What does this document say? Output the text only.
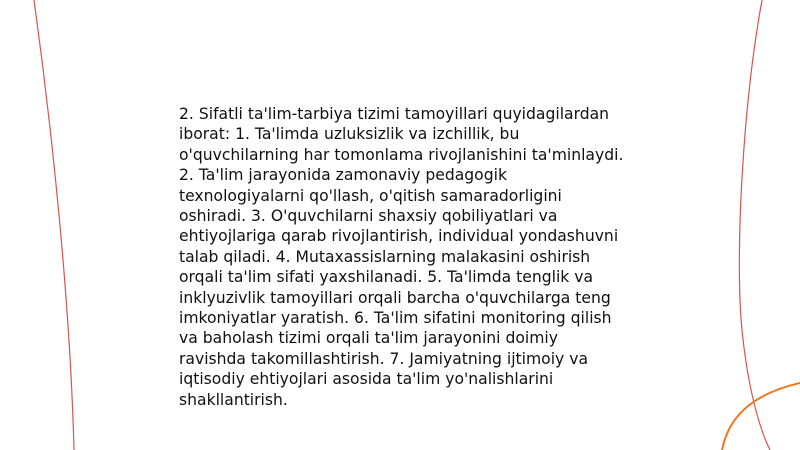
2. Sifatli ta'lim-tarbiya tizimi tamoyillari quyidagilardan iborat: 1. Ta'limda uzluksizlik va izchillik, bu o'quvchilarning har tomonlama rivojlanishini ta'minlaydi. 2. Ta'lim jarayonida zamonaviy pedagogik texnologiyalarni qo'llash, o'qitish samaradorligini oshiradi. 3. O'quvchilarni shaxsiy qobiliyatlari va ehtiyojlariga qarab rivojlantirish, individual yondashuvni talab qiladi. 4. Mutaxassislarning malakasini oshirish orqali ta'lim sifati yaxshilanadi. 5. Ta'limda tenglik va inklyuzivlik tamoyillari orqali barcha o'quvchilarga teng imkoniyatlar yaratish. 6. Ta'lim sifatini monitoring qilish va baholash tizimi orqali ta'lim jarayonini doimiy ravishda takomillashtirish. 7. Jamiyatning ijtimoiy va iqtisodiy ehtiyojlari asosida ta'lim yo'nalishlarini shakllantirish.
